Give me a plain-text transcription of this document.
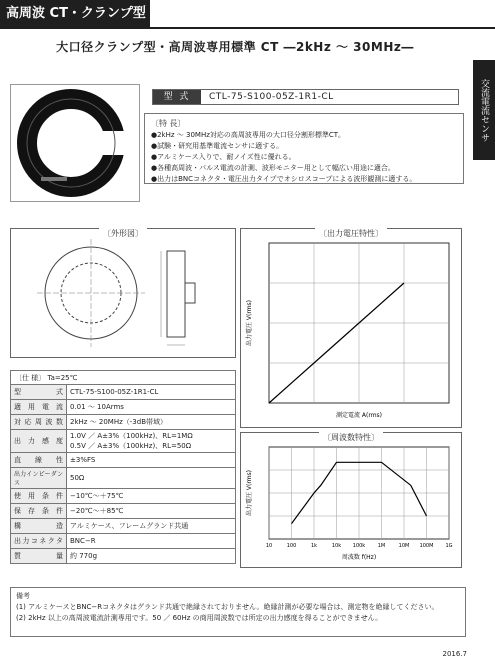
高周波 CT・クランプ型
大口径クランプ型・高周波専用標準 CT ―2kHz ～ 30MHz―
交流電流センサ
型 式	CTL-75-S100-05Z-1R1-CL
〔特 長〕
●2kHz ～ 30MHz対応の高周波専用の大口径分割形標準CT。
●試験・研究用基準電流センサに適する。
●アルミケース入りで、耐ノイズ性に優れる。
●各種高周波・パルス電流の計測、波形モニター用として幅広い用途に適合。
●出力はBNCコネクタ・電圧出力タイプでオシロスコープによる波形観測に適する。
〔外形図〕	〔出力電圧特性〕
出力電圧 V(rms)
測定電流 A(rms)
〔周波数特性〕
10	100	1k	10k 100k	1M	10M 100M 1G
出力電圧 V(rms)
周波数 f(Hz)
〔仕 様〕 Ta=25℃
型　式	CTL-75-S100-05Z-1R1-CL
適用電流	0.01 ～ 10Arms
対応周波数	2kHz ～ 20MHz（-3dB帯域）
出力感度	1.0V ／ A±3%（100kHz)、RL=1MΩ
0.5V ／ A±3%（100kHz)、RL=50Ω

直線性	±3%FS
出力インピーダンス	50Ω
使用条件	−10℃～＋75℃
保存条件	−20℃～＋85℃
構　造	アルミケース、フレームグランド共通
出力コネクタ	BNC−R
質　量	約 770g
備考
(1) アルミケースとBNC−Rコネクタはグランド共通で絶縁されておりません。絶縁計測が必要な場合は、測定物を絶縁してください。
(2) 2kHz 以上の高周波電流計測専用です。50 ／ 60Hz の商用周波数では所定の出力感度を得ることができません。
2016.7
